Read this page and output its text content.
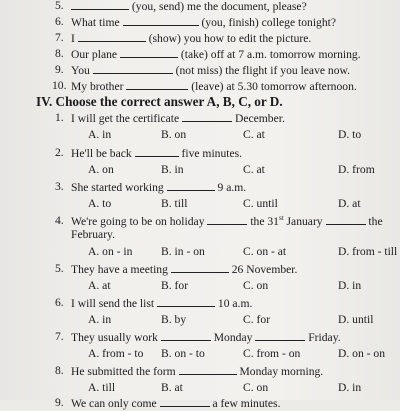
5.	(you, send) me the document, please?
6. What time	(you, finish) college tonight?
7. I	(show) you how to edit the picture.
8. Our plane	(take) off at 7 a.m. tomorrow morning.
9. You	(not miss) the flight if you leave now.
10. My brother	(leave) at 5.30 tomorrow afternoon.
IV. Choose the correct answer A, B, C, or D.
1. I will get the certificate	December.
A. in	B. on	C. at	D. to
2. He'll be back	five minutes.
A. on	B. in	C. at	D. from
3. She started working	9 a.m.
A. to	B. till	C. until	D. at
4. We're going to be on holiday	the 31st January	the
February.
A. on - in B. in - on	C. on - at	D. from - till
5. They have a meeting	26 November.
A. at	B. for	C. on	D. in
6. I will send the list	10 a.m.
A. in	B. by	C. for	D. until
7. They usually work	Monday	Friday.
A. from - to B. on - to	C. from - on	D. on - on
8. He submitted the form	Monday morning.
A. till	B. at	C. on	D. in
9. We can only come	a few minutes.
